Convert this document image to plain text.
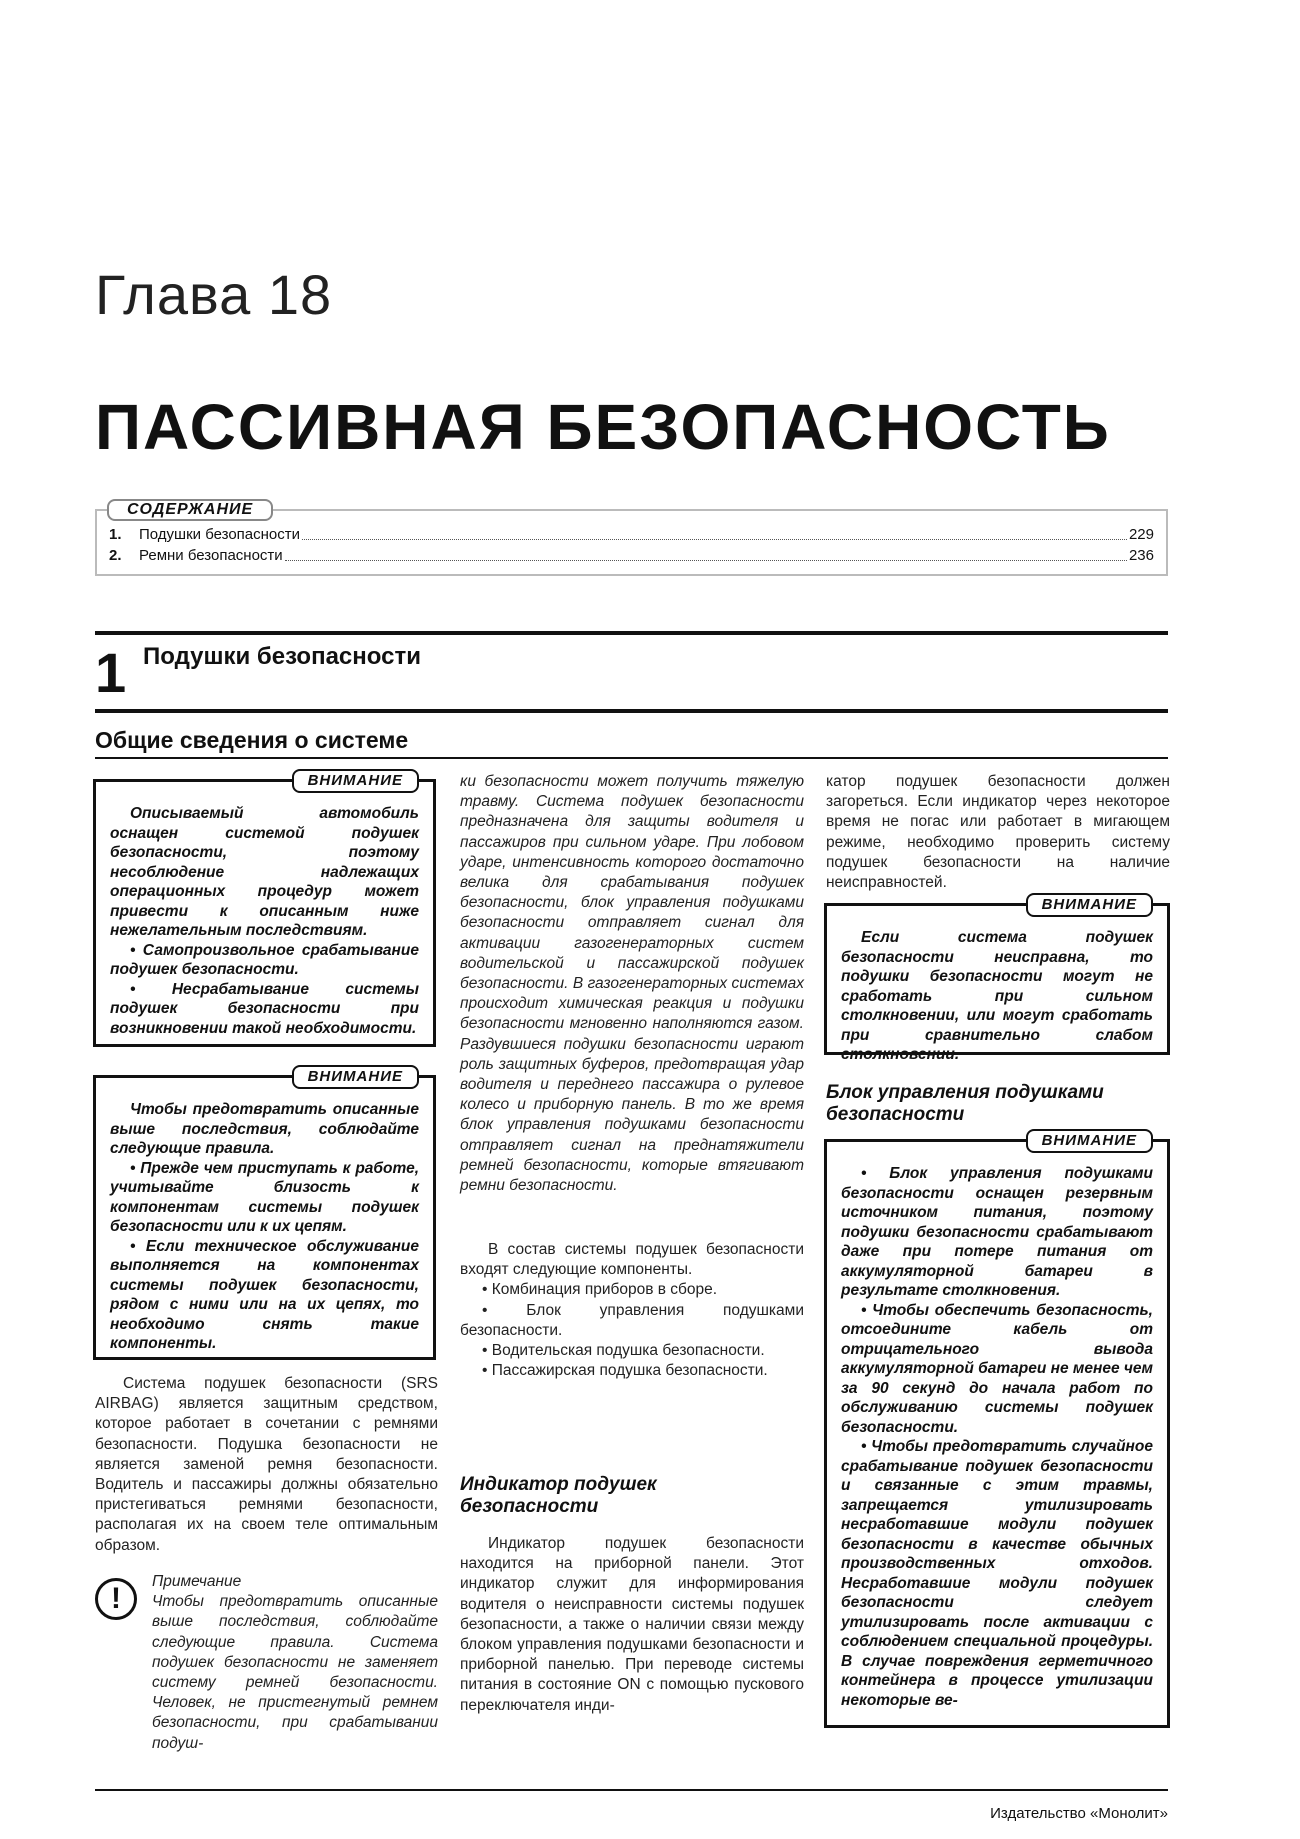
Глава 18
ПАССИВНАЯ БЕЗОПАСНОСТЬ
СОДЕРЖАНИЕ
1.	Подушки безопасности	229
2.	Ремни безопасности	236
1 Подушки безопасности
Общие сведения о системе
ВНИМАНИЕ

Описываемый автомобиль оснащен системой подушек безопасности, поэтому несоблюдение надлежащих операционных процедур может привести к описанным ниже нежелательным последствиям.

• Самопроизвольное срабатывание подушек безопасности.

• Несрабатывание системы подушек безопасности при возникновении такой необходимости.

ВНИМАНИЕ

Чтобы предотвратить описанные выше последствия, соблюдайте следующие правила.

• Прежде чем приступать к работе, учитывайте близость к компонентам системы подушек безопасности или к их цепям.

• Если техническое обслуживание выполняется на компонентах системы подушек безопасности, рядом с ними или на их цепях, то необходимо снять такие компоненты.

Система подушек безопасности (SRS AIRBAG) является защитным средством, которое работает в сочетании с ремнями безопасности. Подушка безопасности не является заменой ремня безопасности. Водитель и пассажиры должны обязательно пристегиваться ремнями безопасности, располагая их на своем теле оптимальным образом.

!

Примечание

Чтобы предотвратить описанные выше последствия, соблюдайте следующие правила. Система подушек безопасности не заменяет систему ремней безопасности. Человек, не пристегнутый ремнем безопасности, при срабатывании подуш-

ки безопасности может получить тяжелую травму. Система подушек безопасности предназначена для защиты водителя и пассажиров при сильном ударе. При лобовом ударе, интенсивность которого достаточно велика для срабатывания подушек безопасности, блок управления подушками безопасности отправляет сигнал для активации газогенераторных систем водительской и пассажирской подушек безопасности. В газогенераторных системах происходит химическая реакция и подушки безопасности мгновенно наполняются газом. Раздувшиеся подушки безопасности играют роль защитных буферов, предотвращая удар водителя и переднего пассажира о рулевое колесо и приборную панель. В то же время блок управления подушками безопасности отправляет сигнал на преднатяжители ремней безопасности, которые втягивают ремни безопасности.

В состав системы подушек безопасности входят следующие компоненты.

• Комбинация приборов в сборе.

• Блок управления подушками безопасности.

• Водительская подушка безопасности.

• Пассажирская подушка безопасности.

Индикатор подушек безопасности

Индикатор подушек безопасности находится на приборной панели. Этот индикатор служит для информирования водителя о неисправности системы подушек безопасности, а также о наличии связи между блоком управления подушками безопасности и приборной панелью. При переводе системы питания в состояние ON с помощью пускового переключателя инди-

катор подушек безопасности должен загореться. Если индикатор через некоторое время не погас или работает в мигающем режиме, необходимо проверить систему подушек безопасности на наличие неисправностей.

ВНИМАНИЕ

Если система подушек безопасности неисправна, то подушки безопасности могут не сработать при сильном столкновении, или могут сработать при сравнительно слабом столкновении.

Блок управления подушками безопасности
ВНИМАНИЕ

• Блок управления подушками безопасности оснащен резервным источником питания, поэтому подушки безопасности срабатывают даже при потере питания от аккумуляторной батареи в результате столкновения.

• Чтобы обеспечить безопасность, отсоедините кабель от отрицательного вывода аккумуляторной батареи не менее чем за 90 секунд до начала работ по обслуживанию системы подушек безопасности.

• Чтобы предотвратить случайное срабатывание подушек безопасности и связанные с этим травмы, запрещается утилизировать несработавшие модули подушек безопасности в качестве обычных производственных отходов. Несработавшие модули подушек безопасности следует утилизировать после активации с соблюдением специальной процедуры. В случае повреждения герметичного контейнера в процессе утилизации некоторые ве-

Издательство «Монолит»
